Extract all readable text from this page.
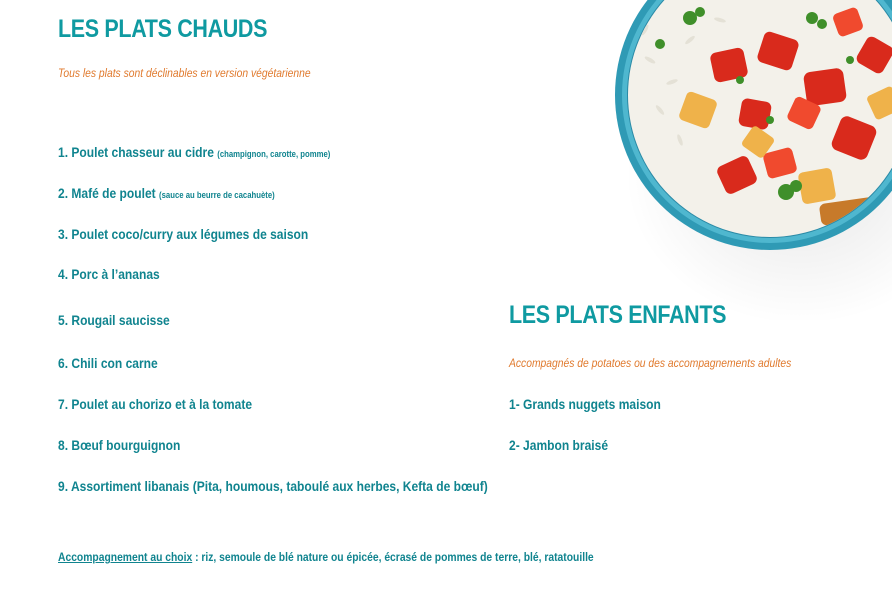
LES PLATS CHAUDS

Tous les plats sont déclinables en version végétarienne

1. Poulet chasseur au cidre (champignon, carotte, pomme)

2. Mafé de poulet (sauce au beurre de cacahuète)

3. Poulet coco/curry aux légumes de saison

4. Porc à l’ananas

5. Rougail saucisse

6. Chili con carne

7. Poulet au chorizo et à la tomate

8. Bœuf bourguignon

9. Assortiment libanais (Pita, houmous, taboulé aux herbes, Kefta de bœuf)

LES PLATS ENFANTS

Accompagnés de potatoes ou des accompagnements adultes

1- Grands nuggets maison

2- Jambon braisé

Accompagnement au choix : riz, semoule de blé nature ou épicée, écrasé de pommes de terre, blé, ratatouille
